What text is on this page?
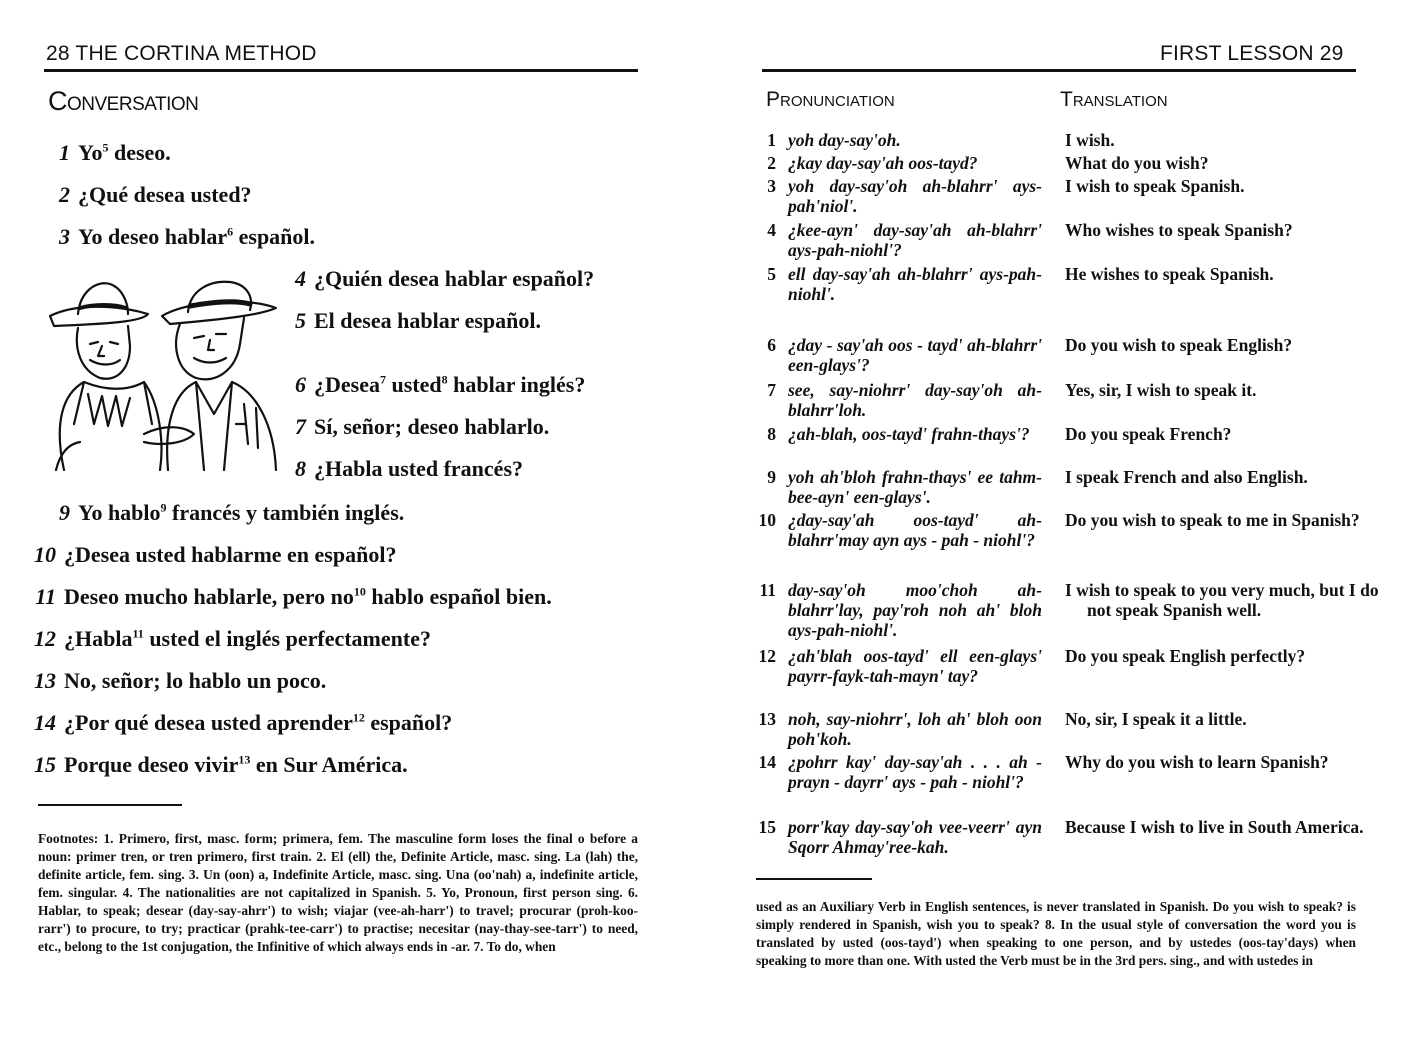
28 THE CORTINA METHOD
Conversation
1 Yo$^5$ deseo.
2 ¿Qué desea usted?
3 Yo deseo hablar$^6$ español.
4 ¿Quién desea hablar español?
5 El desea hablar español.
6 ¿Desea$^7$ usted$^8$ hablar inglés?
7 Sí, señor; deseo hablarlo.
8 ¿Habla usted francés?
9 Yo hablo$^9$ francés y también inglés.
10 ¿Desea usted hablarme en español?
11 Deseo mucho hablarle, pero $no^{10}$ hablo español bien.
12 ¿Habla$^{11}$ usted el inglés perfectamente?
13 No, señor; lo hablo un poco.
14 ¿Por qué desea usted aprender$^{12}$ español?
15 Porque deseo vivir$^{13}$ en Sur América.
Footnotes: 1. Primero, first, masc. form; primera, fem. The masculine form loses the final o before a noun: primer tren, or tren primero, first train. 2. El (ell) the, Definite Article, masc. sing. La (lah) the, definite article, fem. sing. 3. Un (oon) a, Indefinite Article, masc. sing. Una (oo'nah) a, indefinite article, fem. singular. 4. The nationalities are not capitalized in Spanish. 5. Yo, Pronoun, first person sing. 6. Hablar, to speak; desear (day-say-ahrr') to wish; viajar (vee-ah-harr') to travel; procurar (proh-koo-rarr') to procure, to try; practicar (prahk-tee-carr') to practise; necesitar (nay-thay-see-tarr') to need, etc., belong to the 1st conjugation, the Infinitive of which always ends in -ar. 7. To do, when
FIRST LESSON 29
Pronunciation	Translation
1 yoh day-say'oh.	I wish.
2 ¿kay day-say'ah oos-tayd?	What do you wish?
3 yoh day-say'oh ah-blahrr' ays-pah'niol'.
I wish to speak Spanish.
4 ¿kee-ayn' day-say'ah ah-blahrr' ays-pah-niohl'?
Who wishes to speak Spanish?
5 ell day-say'ah ah-blahrr' ays-pah-niohl'.
He wishes to speak Spanish.
6 ¿day - say'ah oos - tayd' ah-blahrr' een-glays'?
Do you wish to speak English?
7 see, say-niohrr' day-say'oh ah-blahrr'loh.
Yes, sir, I wish to speak it.
8 ¿ah-blah, oos-tayd' frahn-thays'?	Do you speak French?
9 yoh ah'bloh frahn-thays' ee tahm-bee-ayn' een-glays'.
I speak French and also English.
10 ¿day-say'ah oos-tayd' ah-blahrr'may ayn ays - pah - niohl'?
Do you wish to speak to me in Spanish?
11 day-say'oh moo'choh ah-blahrr'lay, pay'roh noh ah' bloh ays-pah-niohl'.
I wish to speak to you very much, but I do not speak Spanish well.
12 ¿ah'blah oos-tayd' ell een-glays' payrr-fayk-tah-mayn' tay?
Do you speak English perfectly?
13 noh, say-niohrr', loh ah' bloh oon poh'koh.
No, sir, I speak it a little.
14 ¿pohrr kay' day-say'ah . . . ah - prayn - dayrr' ays - pah - niohl'?
Why do you wish to learn Spanish?
15 porr'kay day-say'oh vee-veerr' ayn Sqorr Ahmay'ree-kah.
Because I wish to live in South America.
used as an Auxiliary Verb in English sentences, is never translated in Spanish. Do you wish to speak? is simply rendered in Spanish, wish you to speak? 8. In the usual style of conversation the word you is translated by usted (oos-tayd') when speaking to one person, and by ustedes (oos-tay'days) when speaking to more than one. With usted the Verb must be in the 3rd pers. sing., and with ustedes in
